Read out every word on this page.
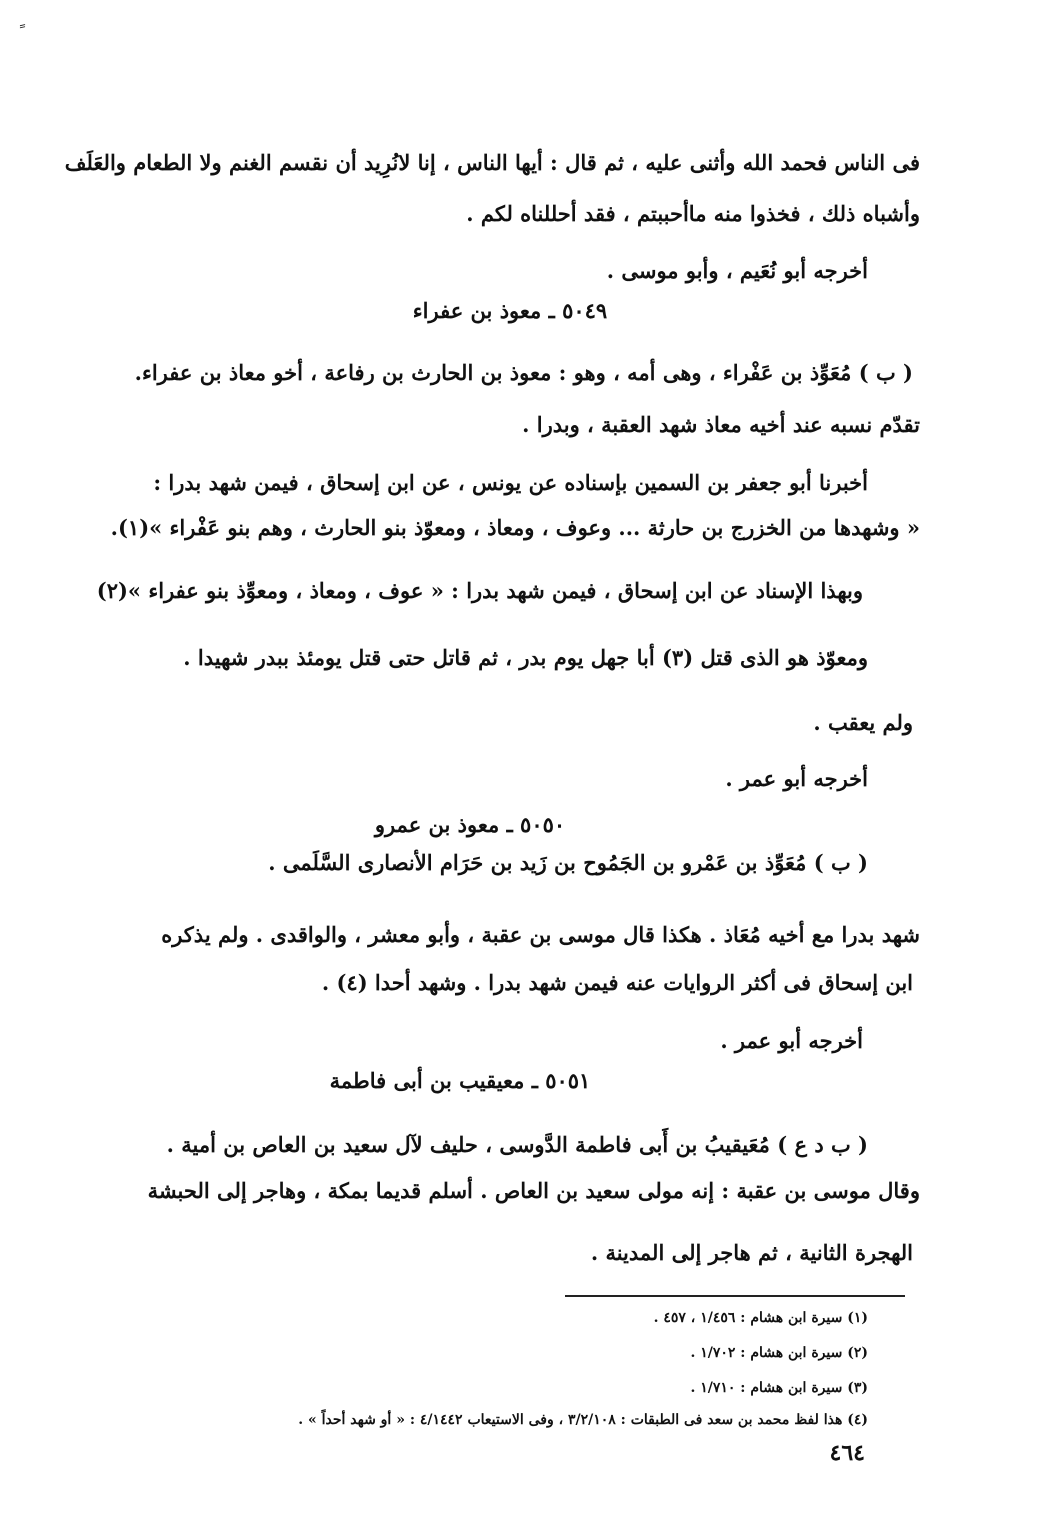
فى الناس فحمد الله وأثنى عليه ، ثم قال : أيها الناس ، إنا لانُرِيد أن نقسم الغنم ولا الطعام والعَلَف
وأشباه ذلك ، فخذوا منه ماأحببتم ، فقد أحللناه لكم .
أخرجه أبو نُعَيم ، وأبو موسى .
٥٠٤٩ ـ معوذ بن عفراء
( ب ) مُعَوِّذ بن عَفْراء ، وهى أمه ، وهو : معوذ بن الحارث بن رفاعة ، أخو معاذ بن عفراء.
تقدّم نسبه عند أخيه معاذ شهد العقبة ، وبدرا .
أخبرنا أبو جعفر بن السمين بإسناده عن يونس ، عن ابن إسحاق ، فيمن شهد بدرا :
« وشهدها من الخزرج بن حارثة ... وعوف ، ومعاذ ، ومعوّذ بنو الحارث ، وهم بنو عَفْراء »(١).
وبهذا الإسناد عن ابن إسحاق ، فيمن شهد بدرا : « عوف ، ومعاذ ، ومعوِّذ بنو عفراء »(٢)
ومعوّذ هو الذى قتل (٣) أبا جهل يوم بدر ، ثم قاتل حتى قتل يومئذ ببدر شهيدا .
ولم يعقب .
أخرجه أبو عمر .
٥٠٥٠ ـ معوذ بن عمرو
( ب ) مُعَوِّذ بن عَمْرو بن الجَمُوح بن زَيد بن حَرَام الأنصارى السَّلَمى .
شهد بدرا مع أخيه مُعَاذ . هكذا قال موسى بن عقبة ، وأبو معشر ، والواقدى . ولم يذكره
ابن إسحاق فى أكثر الروايات عنه فيمن شهد بدرا . وشهد أحدا (٤) .
أخرجه أبو عمر .
٥٠٥١ ـ معيقيب بن أبى فاطمة
( ب د ع ) مُعَيقيبُ بن أَبى فاطمة الدَّوسى ، حليف لآل سعيد بن العاص بن أمية .
وقال موسى بن عقبة : إنه مولى سعيد بن العاص . أسلم قديما بمكة ، وهاجر إلى الحبشة
الهجرة الثانية ، ثم هاجر إلى المدينة .
(١) سيرة ابن هشام : ١/٤٥٦ ، ٤٥٧ .
(٢) سيرة ابن هشام : ١/٧٠٢ .
(٣) سيرة ابن هشام : ١/٧١٠ .
(٤) هذا لفظ محمد بن سعد فى الطبقات : ٣/٢/١٠٨ ، وفى الاستيعاب ٤/١٤٤٢ : « أو شهد أحداً » .
٤٦٤
